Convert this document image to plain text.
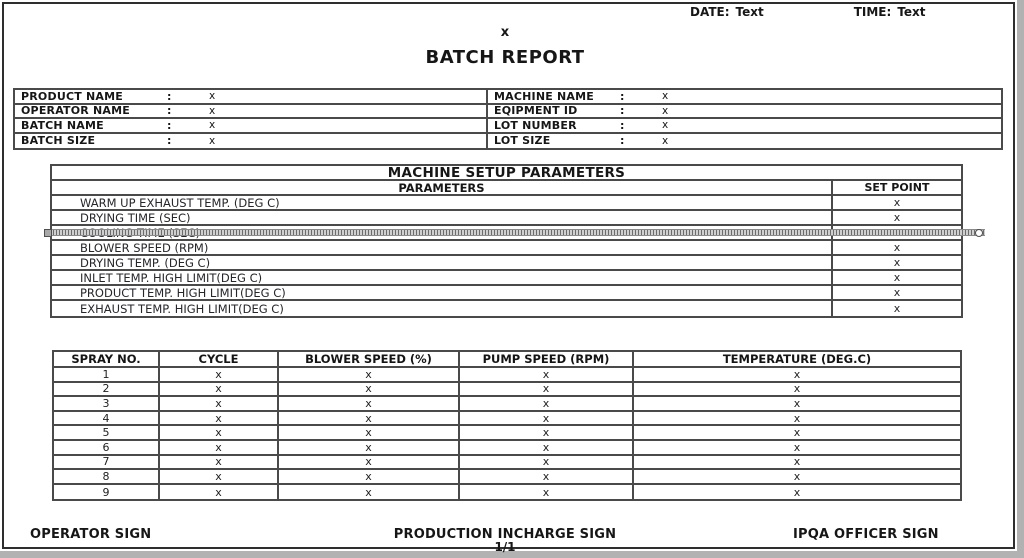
DATE: Text	TIME: Text
x
BATCH REPORT
PRODUCT NAME	:	x
OPERATOR NAME	:	x
BATCH NAME	:	x
BATCH SIZE	:	x
MACHINE NAME	:	x
EQIPMENT ID	:	x
LOT NUMBER	:	x
LOT SIZE	:	x
MACHINE SETUP PARAMETERS
PARAMETERS	SET POINT
WARM UP EXHAUST TEMP. (DEG C)	x
DRYING TIME (SEC)	x
BLOWER SPEED (RPM)	x
DRYING TEMP. (DEG C)	x
INLET TEMP. HIGH LIMIT(DEG C)	x
PRODUCT TEMP. HIGH LIMIT(DEG C)	x
EXHAUST TEMP. HIGH LIMIT(DEG C)	x
SPRAY NO.	CYCLE	BLOWER SPEED (%)	PUMP SPEED (RPM)	TEMPERATURE (DEG.C)
1	x	x	x	x
2	x	x	x	x
3	x	x	x	x
4	x	x	x	x
5	x	x	x	x
6	x	x	x	x
7	x	x	x	x
8	x	x	x	x
9	x	x	x	x
OPERATOR SIGN	PRODUCTION INCHARGE SIGN	IPQA OFFICER SIGN
1/1
